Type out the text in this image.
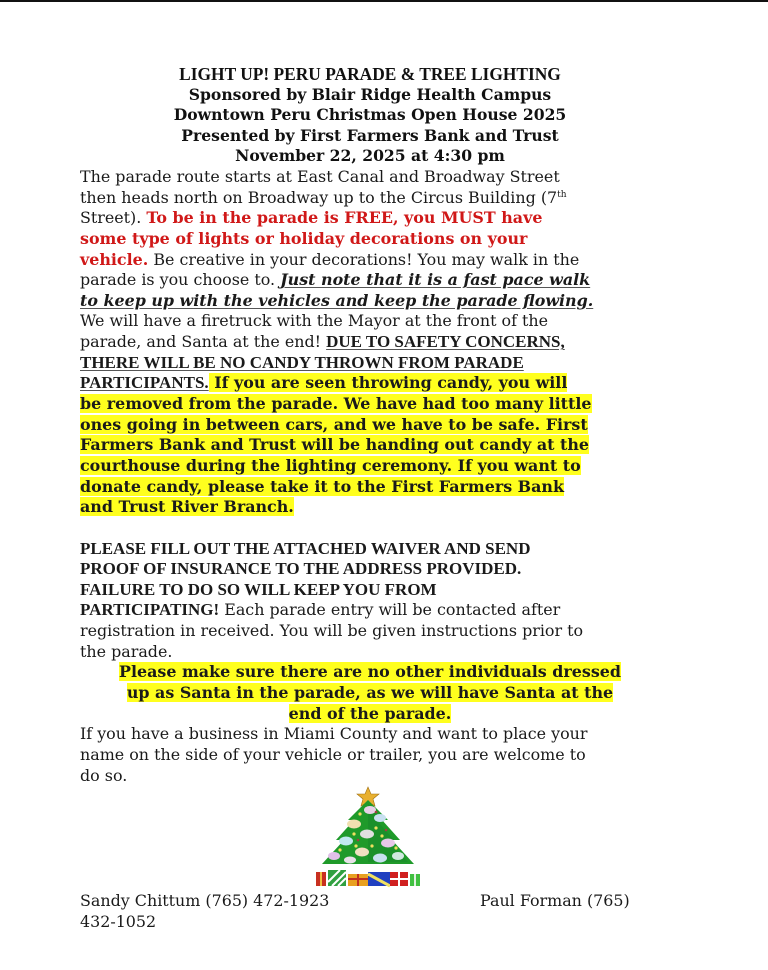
LIGHT UP! PERU PARADE & TREE LIGHTING
Sponsored by Blair Ridge Health Campus
Downtown Peru Christmas Open House 2025
Presented by First Farmers Bank and Trust
November 22, 2025 at 4:30 pm
The parade route starts at East Canal and Broadway Street
then heads north on Broadway up to the Circus Building (7th
Street). To be in the parade is FREE, you MUST have
some type of lights or holiday decorations on your
vehicle. Be creative in your decorations! You may walk in the
parade is you choose to. Just note that it is a fast pace walk
to keep up with the vehicles and keep the parade flowing.
We will have a firetruck with the Mayor at the front of the
parade, and Santa at the end! DUE TO SAFETY CONCERNS,
THERE WILL BE NO CANDY THROWN FROM PARADE
PARTICIPANTS. If you are seen throwing candy, you will
be removed from the parade. We have had too many little
ones going in between cars, and we have to be safe. First
Farmers Bank and Trust will be handing out candy at the
courthouse during the lighting ceremony. If you want to
donate candy, please take it to the First Farmers Bank
and Trust River Branch.
PLEASE FILL OUT THE ATTACHED WAIVER AND SEND
PROOF OF INSURANCE TO THE ADDRESS PROVIDED.
FAILURE TO DO SO WILL KEEP YOU FROM
PARTICIPATING! Each parade entry will be contacted after
registration in received. You will be given instructions prior to
the parade.
Please make sure there are no other individuals dressed
up as Santa in the parade, as we will have Santa at the
end of the parade.
If you have a business in Miami County and want to place your
name on the side of your vehicle or trailer, you are welcome to
do so.
Sandy Chittum (765) 472-1923	Paul Forman (765)
432-1052
